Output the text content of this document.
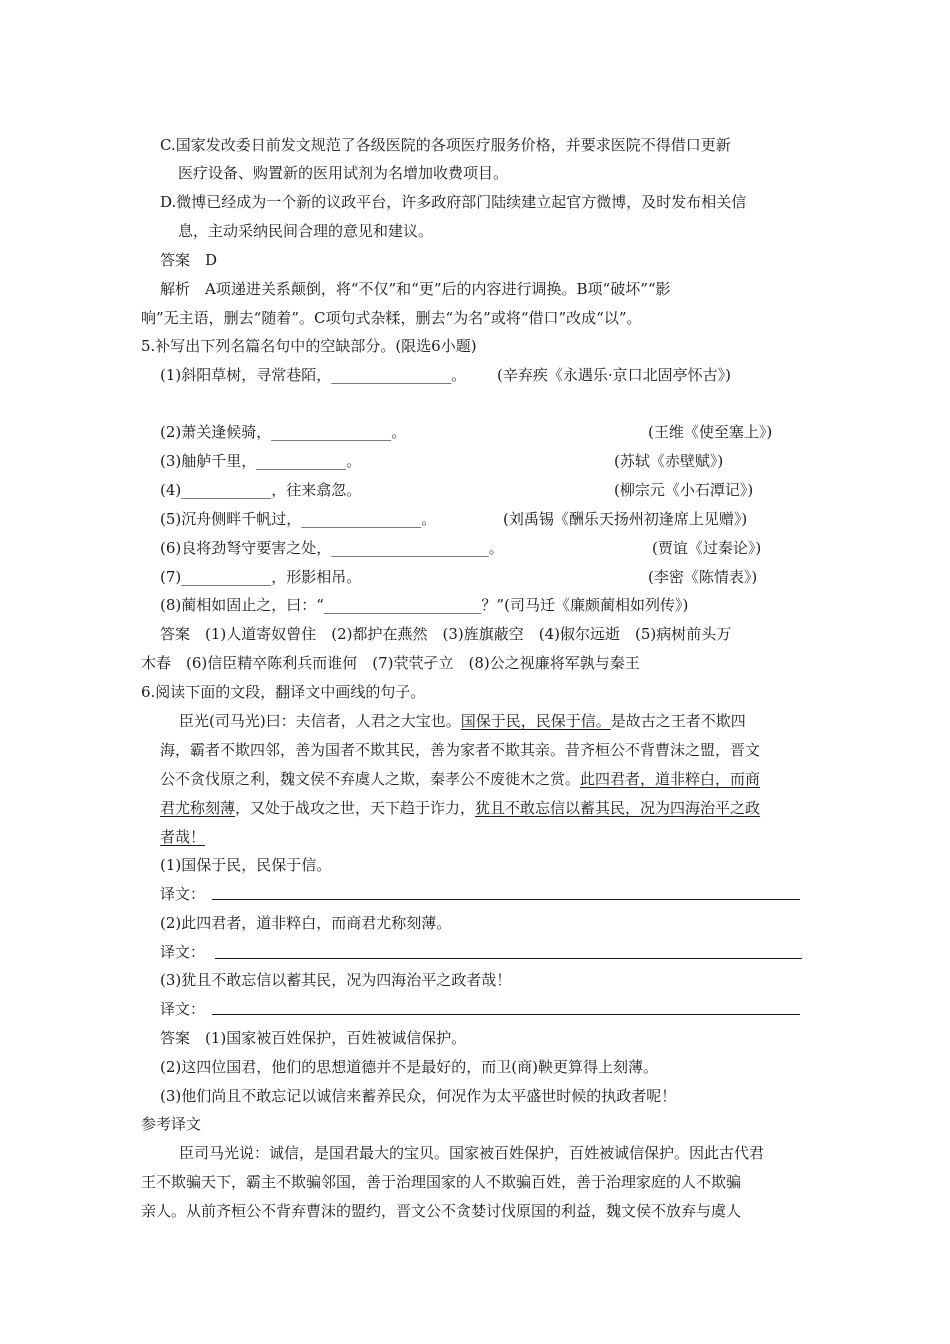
C.国家发改委日前发文规范了各级医院的各项医疗服务价格，并要求医院不得借口更新
医疗设备、购置新的医用试剂为名增加收费项目。
D.微博已经成为一个新的议政平台，许多政府部门陆续建立起官方微博，及时发布相关信
息，主动采纳民间合理的意见和建议。
答案　D
解析　A项递进关系颠倒，将“不仅”和“更”后的内容进行调换。B项“破坏”“影
响”无主语，删去“随着”。C项句式杂糅，删去“为名”或将“借口”改成“以”。
5.补写出下列名篇名句中的空缺部分。(限选6小题)
(1)斜阳草树，寻常巷陌，________________。 (辛弃疾《永遇乐·京口北固亭怀古》)
(2)萧关逢候骑，________________。	(王维《使至塞上》)
(3)舳舻千里，____________。	(苏轼《赤壁赋》)
(4)____________，往来翕忽。	(柳宗元《小石潭记》)
(5)沉舟侧畔千帆过，________________。	(刘禹锡《酬乐天扬州初逢席上见赠》)
(6)良将劲弩守要害之处，_____________________。	(贾谊《过秦论》)
(7)____________，形影相吊。	(李密《陈情表》)
(8)蔺相如固止之，曰：“_____________________？”(司马迁《廉颇蔺相如列传》)
答案　(1)人道寄奴曾住　(2)都护在燕然　(3)旌旗蔽空　(4)俶尔远逝　(5)病树前头万
木春　(6)信臣精卒陈利兵而谁何　(7)茕茕孑立　(8)公之视廉将军孰与秦王
6.阅读下面的文段，翻译文中画线的句子。
臣光(司马光)曰：夫信者，人君之大宝也。国保于民，民保于信。是故古之王者不欺四
海，霸者不欺四邻，善为国者不欺其民，善为家者不欺其亲。昔齐桓公不背曹沫之盟，晋文
公不贪伐原之利，魏文侯不弃虞人之欺，秦孝公不废徙木之赏。此四君者，道非粹白，而商
君尤称刻薄，又处于战攻之世，天下趋于诈力，犹且不敢忘信以蓄其民，况为四海治平之政
者哉！
(1)国保于民，民保于信。
译文：
(2)此四君者，道非粹白，而商君尤称刻薄。
译文：
(3)犹且不敢忘信以蓄其民，况为四海治平之政者哉！
译文：
答案　(1)国家被百姓保护，百姓被诚信保护。
(2)这四位国君，他们的思想道德并不是最好的，而卫(商)鞅更算得上刻薄。
(3)他们尚且不敢忘记以诚信来蓄养民众，何况作为太平盛世时候的执政者呢！
参考译文
臣司马光说：诚信，是国君最大的宝贝。国家被百姓保护，百姓被诚信保护。因此古代君
王不欺骗天下，霸主不欺骗邻国，善于治理国家的人不欺骗百姓，善于治理家庭的人不欺骗
亲人。从前齐桓公不背弃曹沫的盟约，晋文公不贪婪讨伐原国的利益，魏文侯不放弃与虞人
